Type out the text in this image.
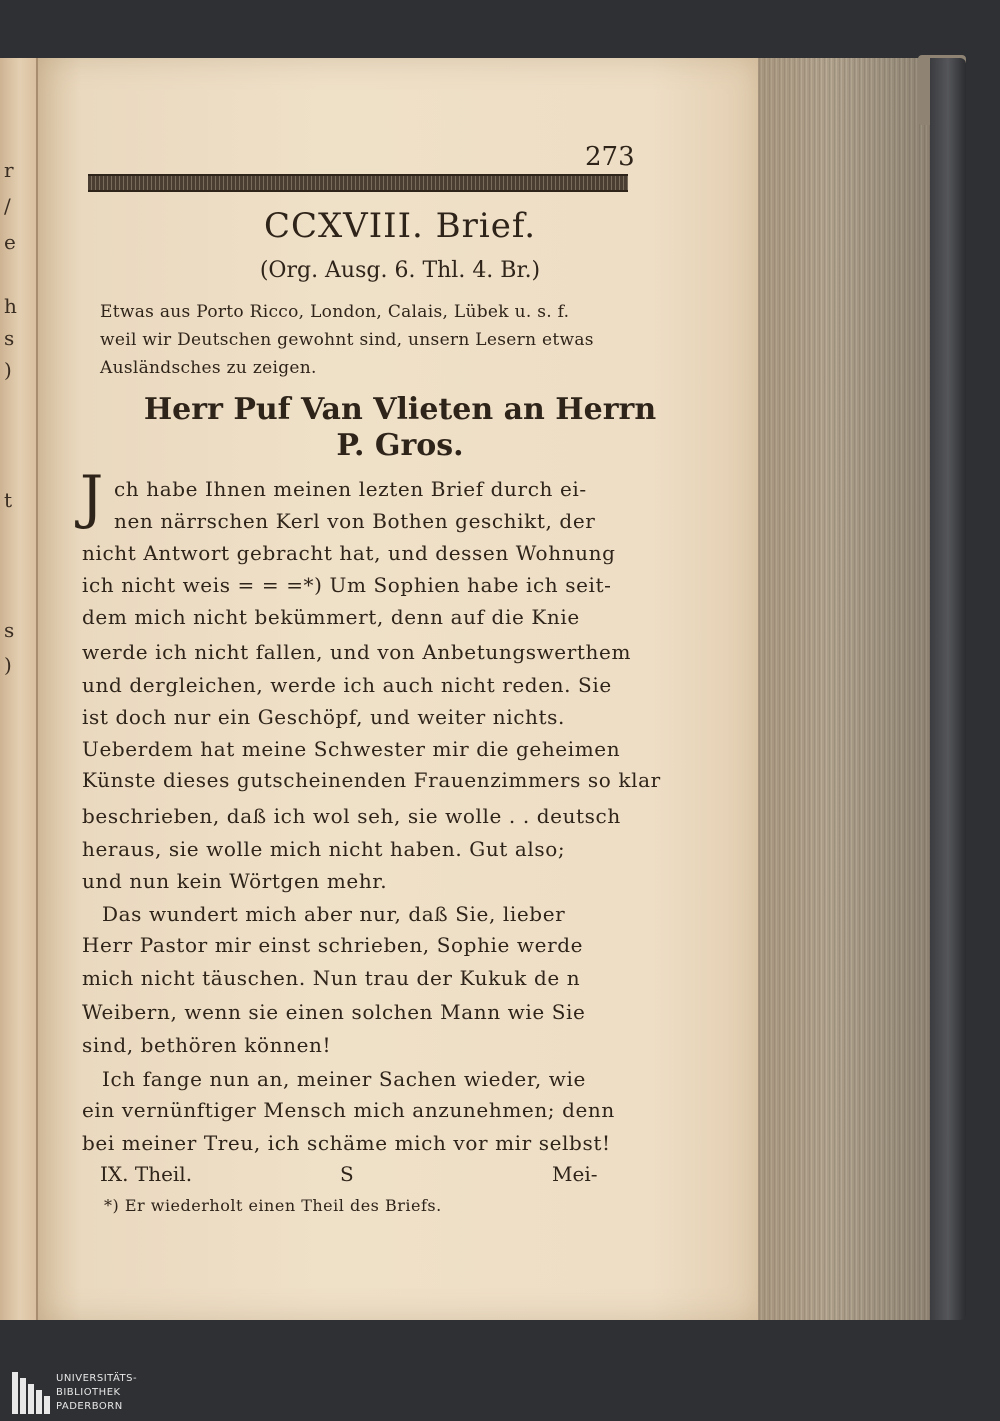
r
/
e
h
s
)
t
s
)
273
CCXVIII. Brief.
(Org. Ausg. 6. Thl. 4. Br.)
Etwas aus Porto Ricco, London, Calais, Lübek u. s. f.
weil wir Deutschen gewohnt sind, unsern Lesern etwas
Ausländsches zu zeigen.
Herr Puf Van Vlieten an Herrn
P. Gros.
J ch habe Ihnen meinen lezten Brief durch ei-
nen närrschen Kerl von Bothen geschikt, der
nicht Antwort gebracht hat, und dessen Wohnung
ich nicht weis = = =*) Um Sophien habe ich seit-
dem mich nicht bekümmert, denn auf die Knie
werde ich nicht fallen, und von Anbetungswerthem
und dergleichen, werde ich auch nicht reden. Sie
ist doch nur ein Geschöpf, und weiter nichts.
Ueberdem hat meine Schwester mir die geheimen
Künste dieses gutscheinenden Frauenzimmers so klar
beschrieben, daß ich wol seh, sie wolle . . deutsch
heraus, sie wolle mich nicht haben. Gut also;
und nun kein Wörtgen mehr.
Das wundert mich aber nur, daß Sie, lieber
Herr Pastor mir einst schrieben, Sophie werde
mich nicht täuschen. Nun trau der Kukuk de n
Weibern, wenn sie einen solchen Mann wie Sie
sind, bethören können!
Ich fange nun an, meiner Sachen wieder, wie
ein vernünftiger Mensch mich anzunehmen; denn
bei meiner Treu, ich schäme mich vor mir selbst!
IX. Theil.	S	Mei-
*) Er wiederholt einen Theil des Briefs.
UNIVERSITÄTS-
BIBLIOTHEK
PADERBORN
